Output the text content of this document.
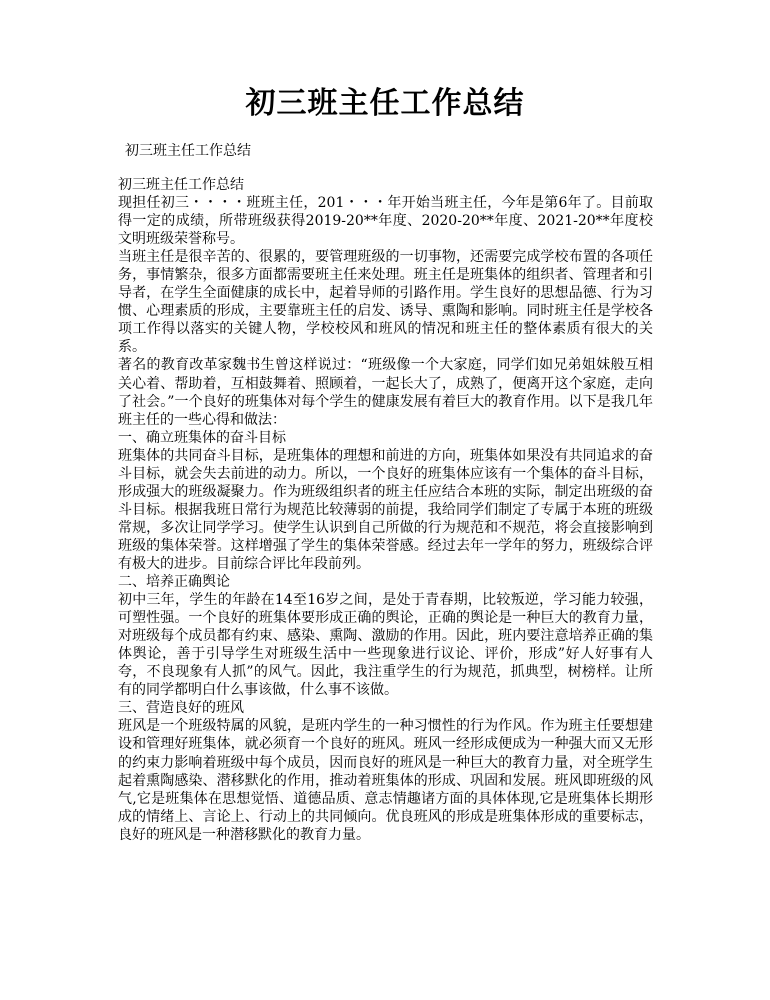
初三班主任工作总结
初三班主任工作总结

初三班主任工作总结

现担任初三・・・・班班主任，201・・・年开始当班主任，今年是第6年了。目前取得一定的成绩，所带班级获得2019-20**年度、2020-20**年度、2021-20**年度校文明班级荣誉称号。

当班主任是很辛苦的、很累的，要管理班级的一切事物，还需要完成学校布置的各项任务，事情繁杂，很多方面都需要班主任来处理。班主任是班集体的组织者、管理者和引导者，在学生全面健康的成长中，起着导师的引路作用。学生良好的思想品德、行为习惯、心理素质的形成，主要靠班主任的启发、诱导、熏陶和影响。同时班主任是学校各项工作得以落实的关键人物，学校校风和班风的情况和班主任的整体素质有很大的关系。

著名的教育改革家魏书生曾这样说过：“班级像一个大家庭，同学们如兄弟姐妹般互相关心着、帮助着，互相鼓舞着、照顾着，一起长大了，成熟了，便离开这个家庭，走向了社会。”一个良好的班集体对每个学生的健康发展有着巨大的教育作用。以下是我几年班主任的一些心得和做法：

一、确立班集体的奋斗目标

班集体的共同奋斗目标，是班集体的理想和前进的方向，班集体如果没有共同追求的奋斗目标，就会失去前进的动力。所以，一个良好的班集体应该有一个集体的奋斗目标，形成强大的班级凝聚力。作为班级组织者的班主任应结合本班的实际，制定出班级的奋斗目标。根据我班日常行为规范比较薄弱的前提，我给同学们制定了专属于本班的班级常规，多次让同学学习。使学生认识到自己所做的行为规范和不规范，将会直接影响到班级的集体荣誉。这样增强了学生的集体荣誉感。经过去年一学年的努力，班级综合评有极大的进步。目前综合评比年段前列。

二、培养正确舆论

初中三年，学生的年龄在14至16岁之间，是处于青春期，比较叛逆，学习能力较强，可塑性强。一个良好的班集体要形成正确的舆论，正确的舆论是一种巨大的教育力量，对班级每个成员都有约束、感染、熏陶、激励的作用。因此，班内要注意培养正确的集体舆论，善于引导学生对班级生活中一些现象进行议论、评价，形成”好人好事有人夸，不良现象有人抓”的风气。因此，我注重学生的行为规范，抓典型，树榜样。让所有的同学都明白什么事该做，什么事不该做。

三、营造良好的班风

班风是一个班级特属的风貌，是班内学生的一种习惯性的行为作风。作为班主任要想建设和管理好班集体，就必须育一个良好的班风。班风一经形成便成为一种强大而又无形的约束力影响着班级中每个成员，因而良好的班风是一种巨大的教育力量，对全班学生起着熏陶感染、潜移默化的作用，推动着班集体的形成、巩固和发展。班风即班级的风气,它是班集体在思想觉悟、道德品质、意志情趣诸方面的具体体现,它是班集体长期形成的情绪上、言论上、行动上的共同倾向。优良班风的形成是班集体形成的重要标志，良好的班风是一种潜移默化的教育力量。
